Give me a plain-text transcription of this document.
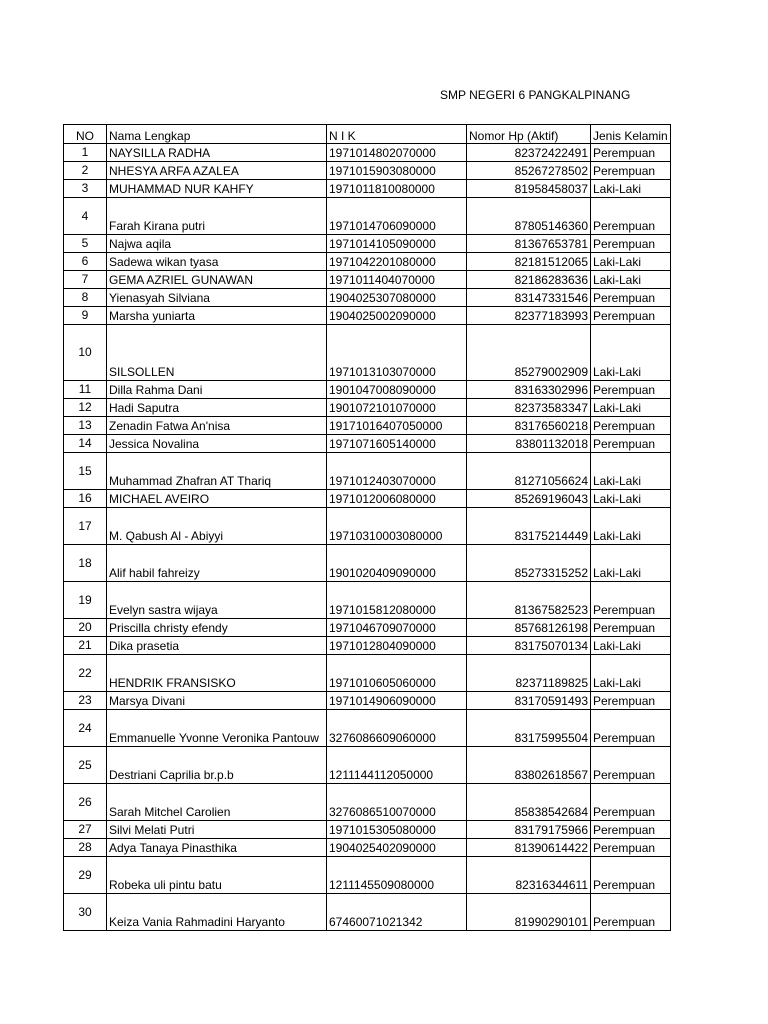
SMP NEGERI 6 PANGKALPINANG
NO	Nama Lengkap	N I K	Nomor Hp (Aktif)	Jenis Kelamin
1	NAYSILLA RADHA	1971014802070000	82372422491	Perempuan
2	NHESYA ARFA AZALEA	1971015903080000	85267278502	Perempuan
3	MUHAMMAD NUR KAHFY	1971011810080000	81958458037	Laki-Laki
4	Farah Kirana putri	1971014706090000	87805146360	Perempuan
5	Najwa aqila	1971014105090000	81367653781	Perempuan
6	Sadewa wikan tyasa	1971042201080000	82181512065	Laki-Laki
7	GEMA AZRIEL GUNAWAN	1971011404070000	82186283636	Laki-Laki
8	Yienasyah Silviana	1904025307080000	83147331546	Perempuan
9	Marsha yuniarta	1904025002090000	82377183993	Perempuan
10	SILSOLLEN	1971013103070000	85279002909	Laki-Laki
11	Dilla Rahma Dani	1901047008090000	83163302996	Perempuan
12	Hadi Saputra	1901072101070000	82373583347	Laki-Laki
13	Zenadin Fatwa An'nisa	19171016407050000	83176560218	Perempuan
14	Jessica Novalina	1971071605140000	83801132018	Perempuan
15	Muhammad Zhafran AT Thariq	1971012403070000	81271056624	Laki-Laki
16	MICHAEL AVEIRO	1971012006080000	85269196043	Laki-Laki
17	M. Qabush Al - Abiyyi	19710310003080000	83175214449	Laki-Laki
18	Alif habil fahreizy	1901020409090000	85273315252	Laki-Laki
19	Evelyn sastra wijaya	1971015812080000	81367582523	Perempuan
20	Priscilla christy efendy	1971046709070000	85768126198	Perempuan
21	Dika prasetia	1971012804090000	83175070134	Laki-Laki
22	HENDRIK FRANSISKO	1971010605060000	82371189825	Laki-Laki
23	Marsya Divani	1971014906090000	83170591493	Perempuan
24	Emmanuelle Yvonne Veronika Pantouw	3276086609060000	83175995504	Perempuan
25	Destriani Caprilia br.p.b	1211144112050000	83802618567	Perempuan
26	Sarah Mitchel Carolien	3276086510070000	85838542684	Perempuan
27	Silvi Melati Putri	1971015305080000	83179175966	Perempuan
28	Adya Tanaya Pinasthika	1904025402090000	81390614422	Perempuan
29	Robeka uli pintu batu	1211145509080000	82316344611	Perempuan
30	Keiza Vania Rahmadini Haryanto	67460071021342	81990290101	Perempuan
